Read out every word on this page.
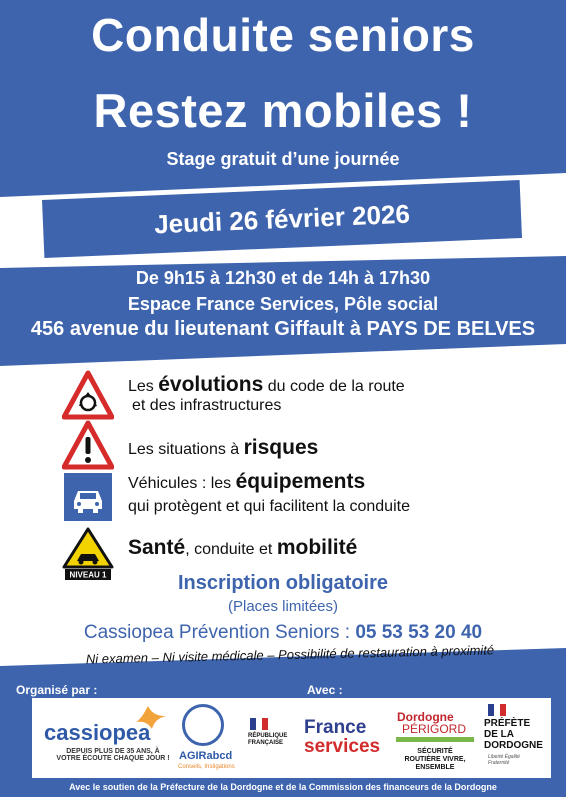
Conduite seniors
Restez mobiles !
Stage gratuit d’une journée
Jeudi 26 février 2026
De 9h15 à 12h30 et de 14h à 17h30
Espace France Services, Pôle social
456 avenue du lieutenant Giffault à PAYS DE BELVES
NIVEAU 1
Les évolutions du code de la route
et des infrastructures
Les situations à risques
Véhicules : les équipements
qui protègent et qui facilitent la conduite
Santé, conduite et mobilité
Inscription obligatoire
(Places limitées)
Cassiopea Prévention Seniors : 05 53 53 20 40
Ni examen – Ni visite médicale – Possibilité de restauration à proximité
Organisé par :	Avec :
cassiopea
DEPUIS PLUS DE 35 ANS, À VOTRE ÉCOUTE CHAQUE JOUR ! AGIRabcd
Conseils, Instigations
RÉPUBLIQUE FRANÇAISE
France
services
Dordogne
PÉRIGORD
SÉCURITÉ ROUTIÈRE VIVRE, ENSEMBLE
PRÉFÈTE DE LA DORDOGNE
Liberté Égalité Fraternité
Avec le soutien de la Préfecture de la Dordogne et de la Commission des financeurs de la Dordogne
